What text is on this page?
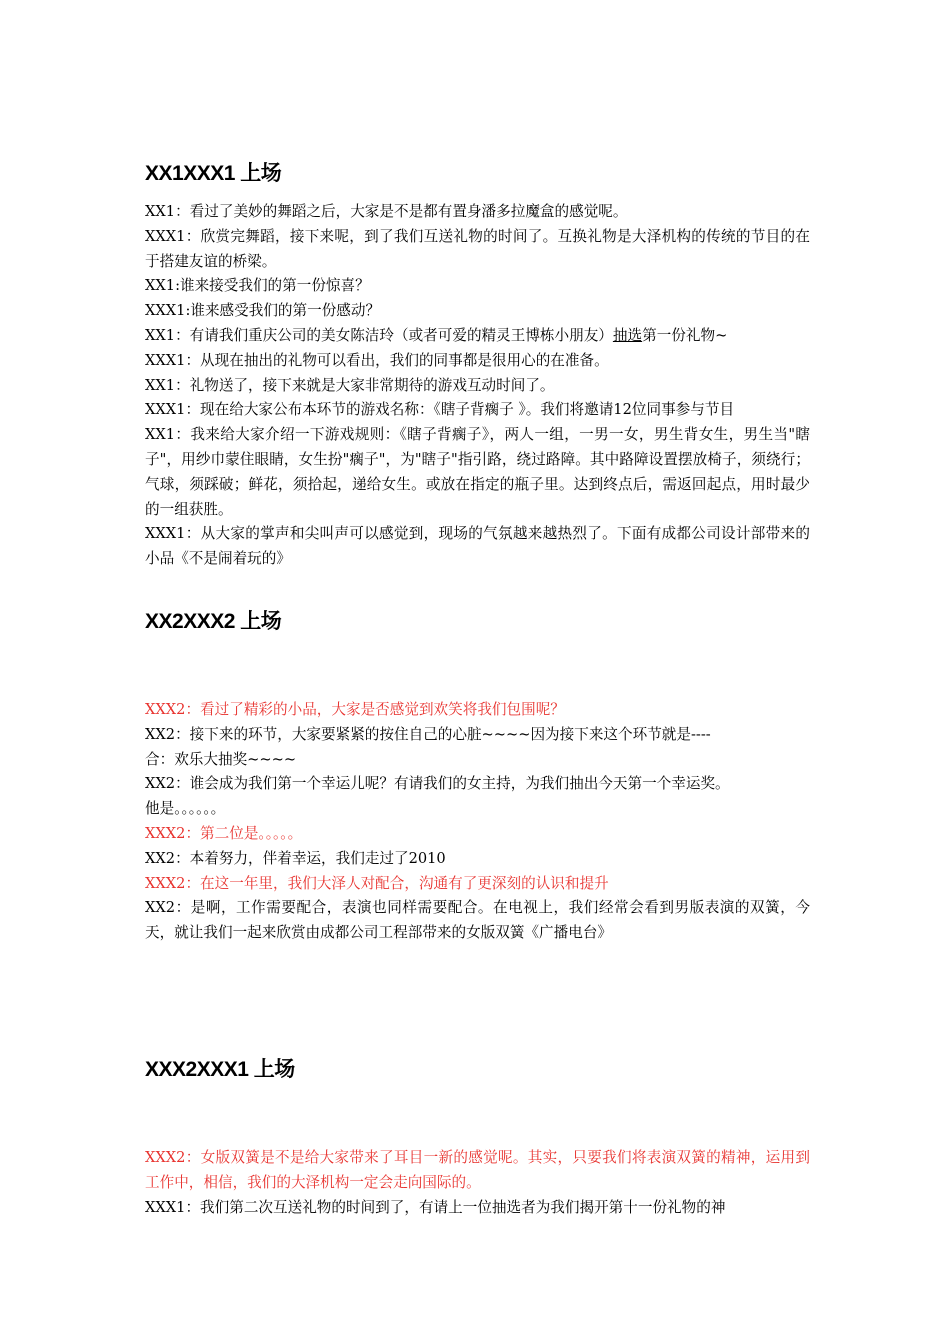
XX1XXX1 上场

XX1：看过了美妙的舞蹈之后，大家是不是都有置身潘多拉魔盒的感觉呢。

XXX1：欣赏完舞蹈，接下来呢，到了我们互送礼物的时间了。互换礼物是大泽机构的传统的节目的在于搭建友谊的桥梁。

XX1:谁来接受我们的第一份惊喜？

XXX1:谁来感受我们的第一份感动？

XX1：有请我们重庆公司的美女陈洁玲（或者可爱的精灵王博栋小朋友）抽选第一份礼物~

XXX1：从现在抽出的礼物可以看出，我们的同事都是很用心的在准备。

XX1：礼物送了，接下来就是大家非常期待的游戏互动时间了。

XXX1：现在给大家公布本环节的游戏名称：《瞎子背瘸子 》。我们将邀请12位同事参与节目

XX1：我来给大家介绍一下游戏规则：《瞎子背瘸子》，两人一组，一男一女，男生背女生，男生当"瞎子"，用纱巾蒙住眼睛，女生扮"瘸子"，为"瞎子"指引路，绕过路障。其中路障设置摆放椅子，须绕行；气球，须踩破；鲜花，须拾起，递给女生。或放在指定的瓶子里。达到终点后，需返回起点，用时最少的一组获胜。

XXX1：从大家的掌声和尖叫声可以感觉到，现场的气氛越来越热烈了。下面有成都公司设计部带来的小品《不是闹着玩的》

XX2XXX2 上场

XXX2：看过了精彩的小品，大家是否感觉到欢笑将我们包围呢？

XX2：接下来的环节，大家要紧紧的按住自己的心脏~~~~因为接下来这个环节就是----

合：欢乐大抽奖~~~~

XX2：谁会成为我们第一个幸运儿呢？有请我们的女主持，为我们抽出今天第一个幸运奖。

他是。。。。。。

XXX2：第二位是。。。。。

XX2：本着努力，伴着幸运，我们走过了2010

XXX2：在这一年里，我们大泽人对配合，沟通有了更深刻的认识和提升

XX2：是啊，工作需要配合，表演也同样需要配合。在电视上，我们经常会看到男版表演的双簧，今天，就让我们一起来欣赏由成都公司工程部带来的女版双簧《广播电台》

XXX2XXX1 上场

XXX2：女版双簧是不是给大家带来了耳目一新的感觉呢。其实，只要我们将表演双簧的精神，运用到工作中，相信，我们的大泽机构一定会走向国际的。

XXX1：我们第二次互送礼物的时间到了，有请上一位抽选者为我们揭开第十一份礼物的神
